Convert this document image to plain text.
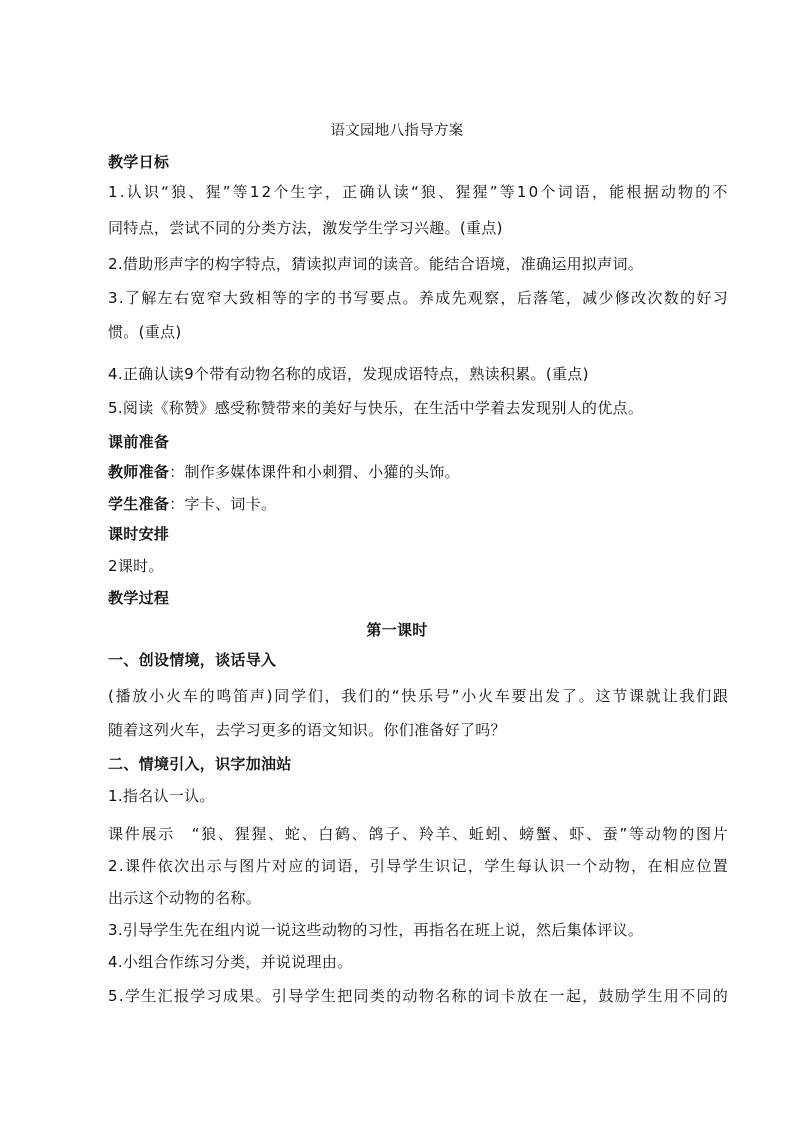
语文园地八指导方案
教学日标
1 . 认 识 “ 狼 、 猩 ” 等 1 2 个 生 字 ， 正 确 认 读 “ 狼 、 猩 猩 ” 等 1 0 个 词 语 ， 能 根 据 动 物 的 不
同特点，尝试不同的分类方法，激发学生学习兴趣。(重点)
2.借助形声字的构字特点，猜读拟声词的读音。能结合语境，准确运用拟声词。
3 . 了 解 左 右 宽 窄 大 致 相 等 的 字 的 书 写 要 点 。 养 成 先 观 察 ， 后 落 笔 ， 减 少 修 改 次 数 的 好 习
惯。(重点)
4.正确认读9个带有动物名称的成语，发现成语特点，熟读积累。(重点)
5.阅读《称赞》感受称赞带来的美好与快乐，在生活中学着去发现别人的优点。
课前准备
教师准备：制作多媒体课件和小刺猬、小獾的头饰。
学生准备：字卡、词卡。
课时安排
2课时。
教学过程
第一课时
一、创设情境，谈话导入
( 播 放 小 火 车 的 鸣 笛 声 ) 同 学 们 ， 我 们 的 “ 快 乐 号 ” 小 火 车 要 出 发 了 。 这 节 课 就 让 我 们 跟
随着这列火车，去学习更多的语文知识。你们准备好了吗？
二、情境引入，识字加油站
1.指名认一认。
课 件 展 示
　 “ 狼 、 猩 猩 、 蛇 、 白 鹤 、 鸽 子 、 羚 羊 、 蚯 蚓 、 螃 蟹 、 虾 、 蚕 ” 等 动 物 的 图 片
2 . 课 件 依 次 出 示 与 图 片 对 应 的 词 语 ， 引 导 学 生 识 记 ， 学 生 每 认 识 一 个 动 物 ， 在 相 应 位 置
出示这个动物的名称。
3.引导学生先在组内说一说这些动物的习性，再指名在班上说，然后集体评议。
4.小组合作练习分类，并说说理由。
5 . 学 生 汇 报 学 习 成 果 。 引 导 学 生 把 同 类 的 动 物 名 称 的 词 卡 放 在 一 起 ， 鼓 励 学 生 用 不 同 的
